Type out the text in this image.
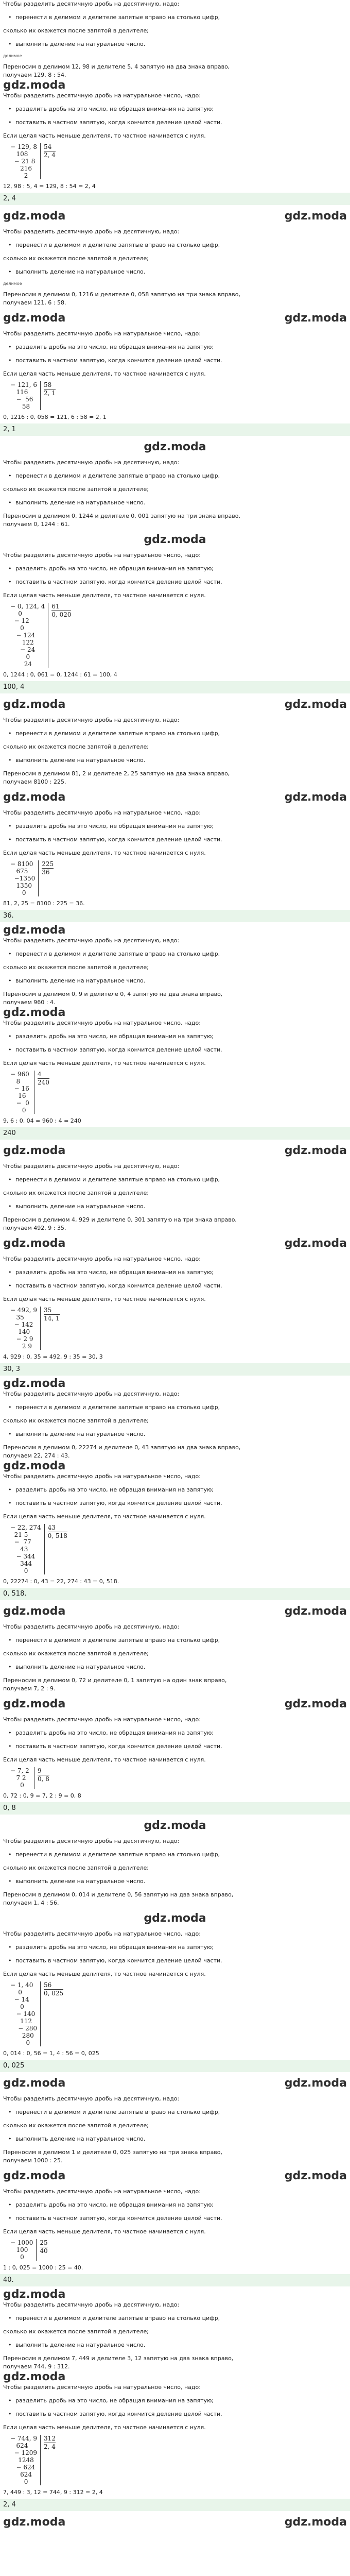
Чтобы разделить десятичную дробь на десятичную, надо:

• перенести в делимом и делителе запятые вправо на столько цифр,

сколько их окажется после запятой в делителе;

• выполнить деление на натуральное число.

делимое

Переносим в делимом 12, 98 и делителе 5, 4 запятую на два знака вправо,

получаем 129, 8 : 54.

gdz.moda

Чтобы разделить десятичную дробь на натуральное число, надо:

• разделить дробь на это число, не обращая внимания на запятую;

• поставить в частном запятую, когда кончится деление целой части.

Если целая часть меньше делителя, то частное начинается с нуля.

− 129, 8
108
− 21 8
216
2
54
2, 4

12, 98 : 5, 4 = 129, 8 : 54 = 2, 4

2, 4
gdz.moda	gdz.moda

Чтобы разделить десятичную дробь на десятичную, надо:

• перенести в делимом и делителе запятые вправо на столько цифр,

сколько их окажется после запятой в делителе;

• выполнить деление на натуральное число.

делимое

Переносим в делимом 0, 1216 и делителе 0, 058 запятую на три знака вправо,

получаем 121, 6 : 58.

gdz.moda	gdz.moda

Чтобы разделить десятичную дробь на натуральное число, надо:

• разделить дробь на это число, не обращая внимания на запятую;

• поставить в частном запятую, когда кончится деление целой части.

Если целая часть меньше делителя, то частное начинается с нуля.

− 121, 6
116
−  56
58
58
2, 1

0, 1216 : 0, 058 = 121, 6 : 58 = 2, 1

2, 1
gdz.moda

Чтобы разделить десятичную дробь на десятичную, надо:

• перенести в делимом и делителе запятые вправо на столько цифр,

сколько их окажется после запятой в делителе;

• выполнить деление на натуральное число.

Переносим в делимом 0, 1244 и делителе 0, 001 запятую на три знака вправо,

получаем 0, 1244 : 61.

gdz.moda

Чтобы разделить десятичную дробь на натуральное число, надо:

• разделить дробь на это число, не обращая внимания на запятую;

• поставить в частном запятую, когда кончится деление целой части.

Если целая часть меньше делителя, то частное начинается с нуля.

− 0, 124, 4
0
− 12
0
− 124
122
− 24
0
24
61
0, 020

0, 1244 : 0, 061 = 0, 1244 : 61 = 100, 4

100, 4
gdz.moda	gdz.moda

Чтобы разделить десятичную дробь на десятичную, надо:

• перенести в делимом и делителе запятые вправо на столько цифр,

сколько их окажется после запятой в делителе;

• выполнить деление на натуральное число.

Переносим в делимом 81, 2 и делителе 2, 25 запятую на два знака вправо,

получаем 8100 : 225.

gdz.moda	gdz.moda

Чтобы разделить десятичную дробь на натуральное число, надо:

• разделить дробь на это число, не обращая внимания на запятую;

• поставить в частном запятую, когда кончится деление целой части.

Если целая часть меньше делителя, то частное начинается с нуля.

− 8100
675
−1350
1350
0
225
36

81, 2, 25 = 8100 : 225 = 36.

36.
gdz.moda

Чтобы разделить десятичную дробь на десятичную, надо:

• перенести в делимом и делителе запятые вправо на столько цифр,

сколько их окажется после запятой в делителе;

• выполнить деление на натуральное число.

Переносим в делимом 0, 9 и делителе 0, 4 запятую на два знака вправо,

получаем 960 : 4.

gdz.moda

Чтобы разделить десятичную дробь на натуральное число, надо:

• разделить дробь на это число, не обращая внимания на запятую;

• поставить в частном запятую, когда кончится деление целой части.

Если целая часть меньше делителя, то частное начинается с нуля.

− 960
8
− 16
16
−  0
0
4
240

9, 6 : 0, 04 = 960 : 4 = 240

240
gdz.moda	gdz.moda

Чтобы разделить десятичную дробь на десятичную, надо:

• перенести в делимом и делителе запятые вправо на столько цифр,

сколько их окажется после запятой в делителе;

• выполнить деление на натуральное число.

Переносим в делимом 4, 929 и делителе 0, 301 запятую на три знака вправо,

получаем 492, 9 : 35.

gdz.moda	gdz.moda

Чтобы разделить десятичную дробь на натуральное число, надо:

• разделить дробь на это число, не обращая внимания на запятую;

• поставить в частном запятую, когда кончится деление целой части.

Если целая часть меньше делителя, то частное начинается с нуля.

− 492, 9
35
− 142
140
− 2 9
2 9
35
14, 1

4, 929 : 0, 35 = 492, 9 : 35 = 30, 3

30, 3
gdz.moda

Чтобы разделить десятичную дробь на десятичную, надо:

• перенести в делимом и делителе запятые вправо на столько цифр,

сколько их окажется после запятой в делителе;

• выполнить деление на натуральное число.

Переносим в делимом 0, 22274 и делителе 0, 43 запятую на два знака вправо,

получаем 22, 274 : 43.

gdz.moda

Чтобы разделить десятичную дробь на натуральное число, надо:

• разделить дробь на это число, не обращая внимания на запятую;

• поставить в частном запятую, когда кончится деление целой части.

Если целая часть меньше делителя, то частное начинается с нуля.

− 22, 274
21 5
−  77
43
− 344
344
0
43
0, 518

0, 22274 : 0, 43 = 22, 274 : 43 = 0, 518.

0, 518.
gdz.moda	gdz.moda

Чтобы разделить десятичную дробь на десятичную, надо:

• перенести в делимом и делителе запятые вправо на столько цифр,

сколько их окажется после запятой в делителе;

• выполнить деление на натуральное число.

Переносим в делимом 0, 72 и делителе 0, 1 запятую на один знак вправо,

получаем 7, 2 : 9.

gdz.moda	gdz.moda

Чтобы разделить десятичную дробь на натуральное число, надо:

• разделить дробь на это число, не обращая внимания на запятую;

• поставить в частном запятую, когда кончится деление целой части.

Если целая часть меньше делителя, то частное начинается с нуля.

− 7, 2
7 2
0
9
0, 8

0, 72 : 0, 9 = 7, 2 : 9 = 0, 8

0, 8
gdz.moda

Чтобы разделить десятичную дробь на десятичную, надо:

• перенести в делимом и делителе запятые вправо на столько цифр,

сколько их окажется после запятой в делителе;

• выполнить деление на натуральное число.

Переносим в делимом 0, 014 и делителе 0, 56 запятую на два знака вправо,

получаем 1, 4 : 56.

gdz.moda

Чтобы разделить десятичную дробь на натуральное число, надо:

• разделить дробь на это число, не обращая внимания на запятую;

• поставить в частном запятую, когда кончится деление целой части.

Если целая часть меньше делителя, то частное начинается с нуля.

− 1, 40
0
− 14
0
− 140
112
− 280
280
0
56
0, 025

0, 014 : 0, 56 = 1, 4 : 56 = 0, 025

0, 025
gdz.moda	gdz.moda

Чтобы разделить десятичную дробь на десятичную, надо:

• перенести в делимом и делителе запятые вправо на столько цифр,

сколько их окажется после запятой в делителе;

• выполнить деление на натуральное число.

Переносим в делимом 1 и делителе 0, 025 запятую на три знака вправо,

получаем 1000 : 25.

gdz.moda	gdz.moda

Чтобы разделить десятичную дробь на натуральное число, надо:

• разделить дробь на это число, не обращая внимания на запятую;

• поставить в частном запятую, когда кончится деление целой части.

Если целая часть меньше делителя, то частное начинается с нуля.

− 1000
100
0
25
40

1 : 0, 025 = 1000 : 25 = 40.

40.
gdz.moda

Чтобы разделить десятичную дробь на десятичную, надо:

• перенести в делимом и делителе запятые вправо на столько цифр,

сколько их окажется после запятой в делителе;

• выполнить деление на натуральное число.

Переносим в делимом 7, 449 и делителе 3, 12 запятую на два знака вправо,

получаем 744, 9 : 312.

gdz.moda

Чтобы разделить десятичную дробь на натуральное число, надо:

• разделить дробь на это число, не обращая внимания на запятую;

• поставить в частном запятую, когда кончится деление целой части.

Если целая часть меньше делителя, то частное начинается с нуля.

− 744, 9
624
− 1209
1248
− 624
624
0
312
2, 4

7, 449 : 3, 12 = 744, 9 : 312 = 2, 4

2, 4
gdz.moda	gdz.moda
